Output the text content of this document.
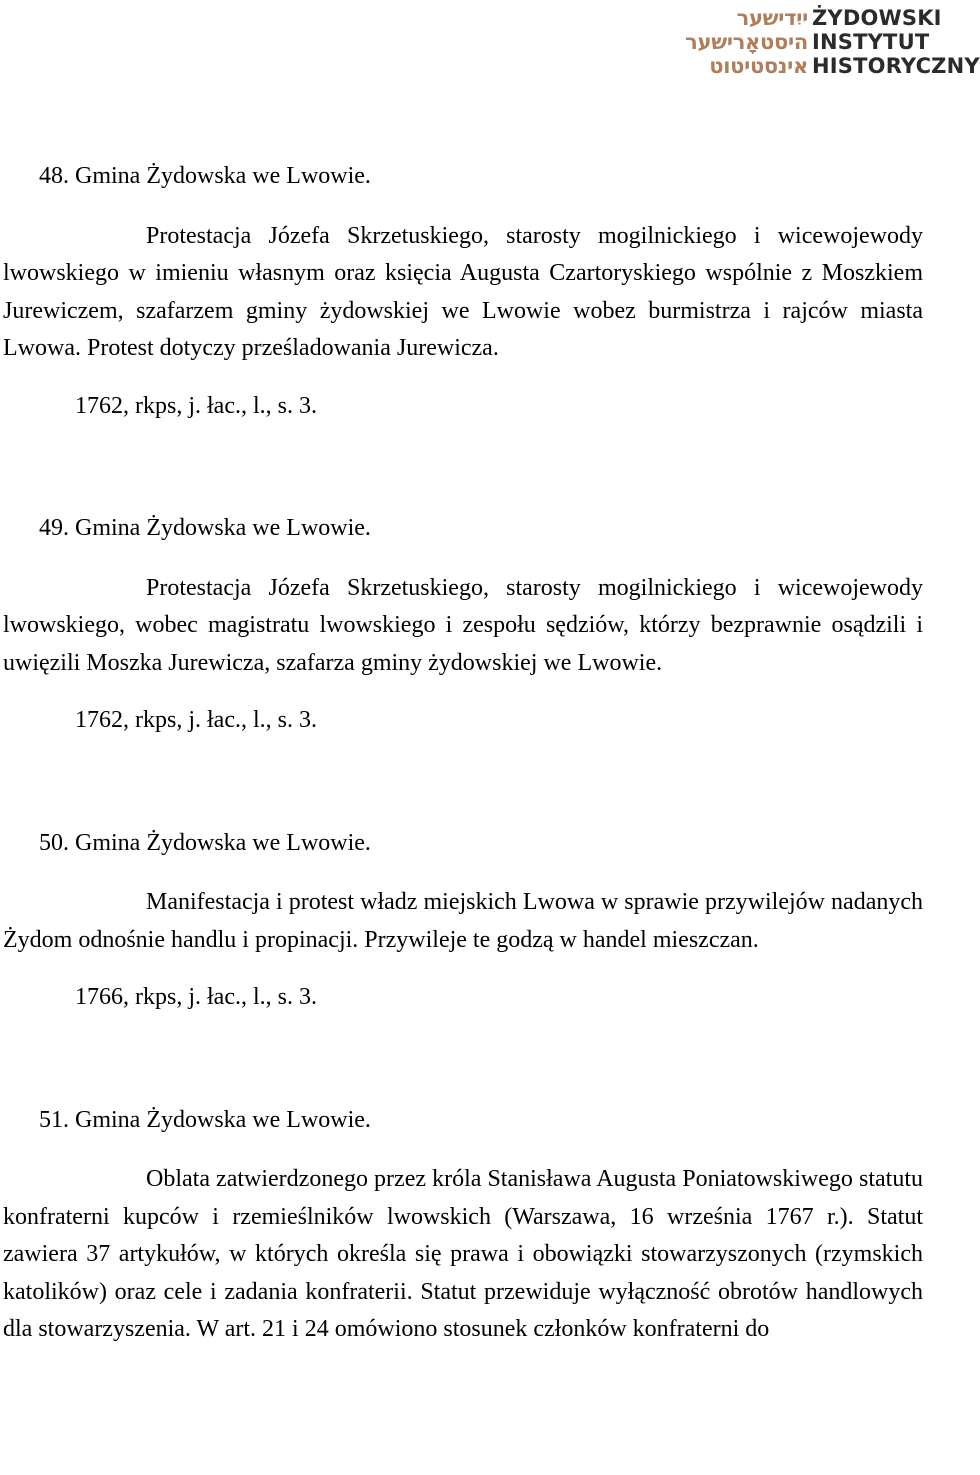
ייִדישער
היסטאָרישער
אינסטיטוט
ŻYDOWSKI
INSTYTUT
HISTORYCZNY
48. Gmina Żydowska we Lwowie.

Protestacja Józefa Skrzetuskiego, starosty mogilnickiego i wicewojewody lwowskiego w imieniu własnym oraz księcia Augusta Czartoryskiego wspólnie z Moszkiem Jurewiczem, szafarzem gminy żydowskiej we Lwowie wobez burmistrza i rajców miasta Lwowa. Protest dotyczy prześladowania Jurewicza.

1762, rkps, j. łac., l., s. 3.
49. Gmina Żydowska we Lwowie.

Protestacja Józefa Skrzetuskiego, starosty mogilnickiego i wicewojewody lwowskiego, wobec magistratu lwowskiego i zespołu sędziów, którzy bezprawnie osądzili i uwięzili Moszka Jurewicza, szafarza gminy żydowskiej we Lwowie.

1762, rkps, j. łac., l., s. 3.
50. Gmina Żydowska we Lwowie.

Manifestacja i protest władz miejskich Lwowa w sprawie przywilejów nadanych Żydom odnośnie handlu i propinacji. Przywileje te godzą w handel mieszczan.

1766, rkps, j. łac., l., s. 3.
51. Gmina Żydowska we Lwowie.

Oblata zatwierdzonego przez króla Stanisława Augusta Poniatowskiwego statutu konfraterni kupców i rzemieślników lwowskich (Warszawa, 16 września 1767 r.). Statut zawiera 37 artykułów, w których określa się prawa i obowiązki stowarzyszonych (rzymskich katolików) oraz cele i zadania konfraterii. Statut przewiduje wyłączność obrotów handlowych dla stowarzyszenia. W art. 21 i 24 omówiono stosunek członków konfraterni do
